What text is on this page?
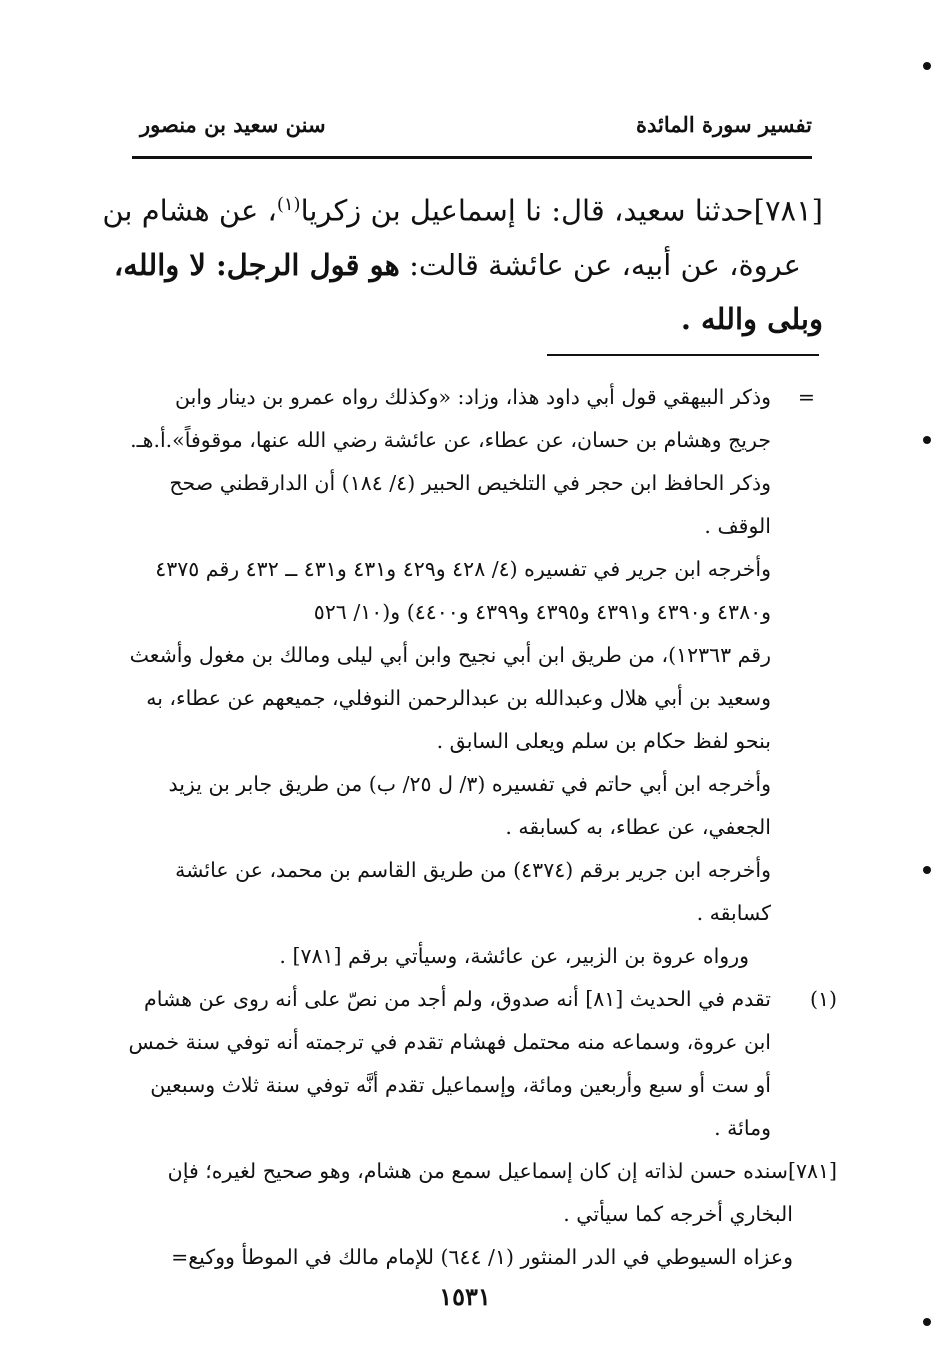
تفسير سورة المائدة
سنن سعيد بن منصور
[٧٨١]حدثنا سعيد، قال: نا إسماعيل بن زكريا$^{(١)}$، عن هشام بن
عروة، عن أبيه، عن عائشة قالت: هو قول الرجل: لا والله،
وبلى والله .
=
وذكر البيهقي قول أبي داود هذا، وزاد: «وكذلك رواه عمرو بن دينار وابن
جريج وهشام بن حسان، عن عطاء، عن عائشة رضي الله عنها، موقوفاً».أ.هـ.
وذكر الحافظ ابن حجر في التلخيص الحبير (٤/ ١٨٤) أن الدارقطني صحح
الوقف .
وأخرجه ابن جرير في تفسيره (٤/ ٤٢٨ و٤٢٩ و٤٣١ و٤٣١ ــ ٤٣٢ رقم ٤٣٧٥
و٤٣٨٠ و٤٣٩٠ و٤٣٩١ و٤٣٩٥ و٤٣٩٩ و٤٤٠٠) و(١٠/ ٥٢٦
رقم ١٢٣٦٣)، من طريق ابن أبي نجيح وابن أبي ليلى ومالك بن مغول وأشعث
وسعيد بن أبي هلال وعبدالله بن عبدالرحمن النوفلي، جميعهم عن عطاء، به
بنحو لفظ حكام بن سلم ويعلى السابق .
وأخرجه ابن أبي حاتم في تفسيره (٣/ ل ٢٥/ ب) من طريق جابر بن يزيد
الجعفي، عن عطاء، به كسابقه .
وأخرجه ابن جرير برقم (٤٣٧٤) من طريق القاسم بن محمد، عن عائشة
كسابقه .
ورواه عروة بن الزبير، عن عائشة، وسيأتي برقم [٧٨١] .
(١)
تقدم في الحديث [٨١] أنه صدوق، ولم أجد من نصّ على أنه روى عن هشام
ابن عروة، وسماعه منه محتمل فهشام تقدم في ترجمته أنه توفي سنة خمس
أو ست أو سبع وأربعين ومائة، وإسماعيل تقدم أنَّه توفي سنة ثلاث وسبعين
ومائة .
[٧٨١]سنده حسن لذاته إن كان إسماعيل سمع من هشام، وهو صحيح لغيره؛ فإن
البخاري أخرجه كما سيأتي .
وعزاه السيوطي في الدر المنثور (١/ ٦٤٤) للإمام مالك في الموطأ ووكيع=
١٥٣١
